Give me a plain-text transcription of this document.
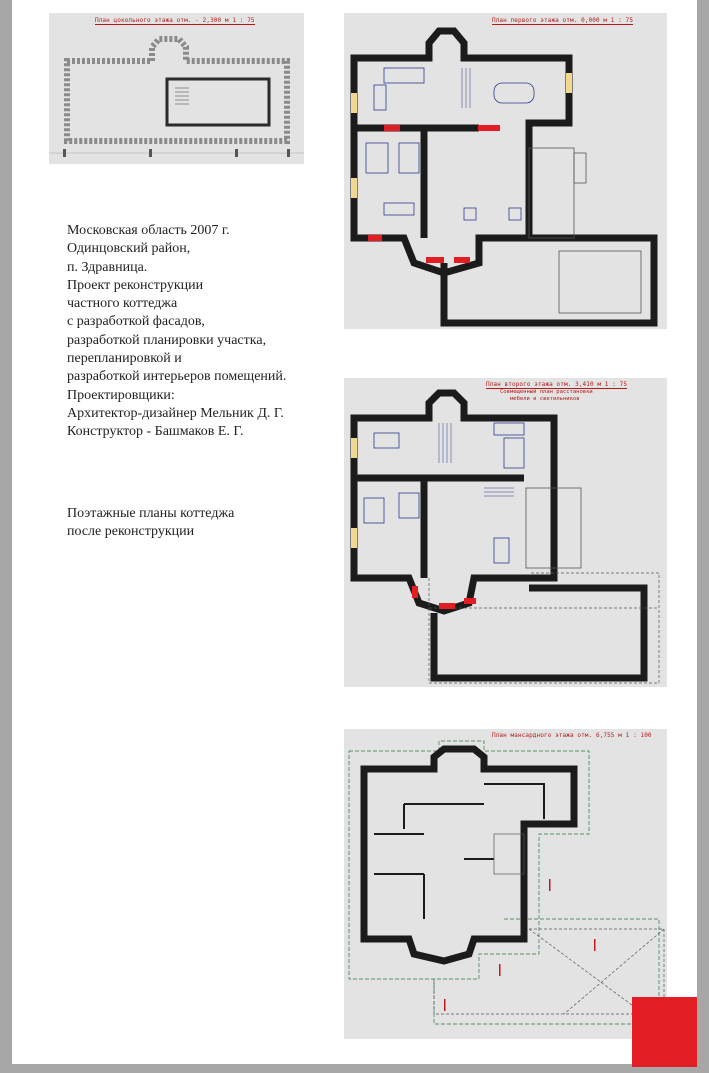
План цокольного этажа отм. - 2,300 м 1 : 75
	План первого этажа отм. 0,000 м 1 : 75
Московская область 2007 г.
Одинцовский район,
п. Здравница.
Проект реконструкции
частного коттеджа
с разработкой фасадов,
разработкой планировки участка,
перепланировкой и
разработкой интерьеров помещений.
Проектировщики:
Архитектор-дизайнер Мельник Д. Г.
Конструктор - Башмаков Е. Г.
Поэтажные планы коттеджа
после реконструкции
План второго этажа отм. 3,410 м 1 : 75
Совмещенный план расстановки
мебели и светильников
План мансардного этажа отм. 6,755 м 1 : 100
